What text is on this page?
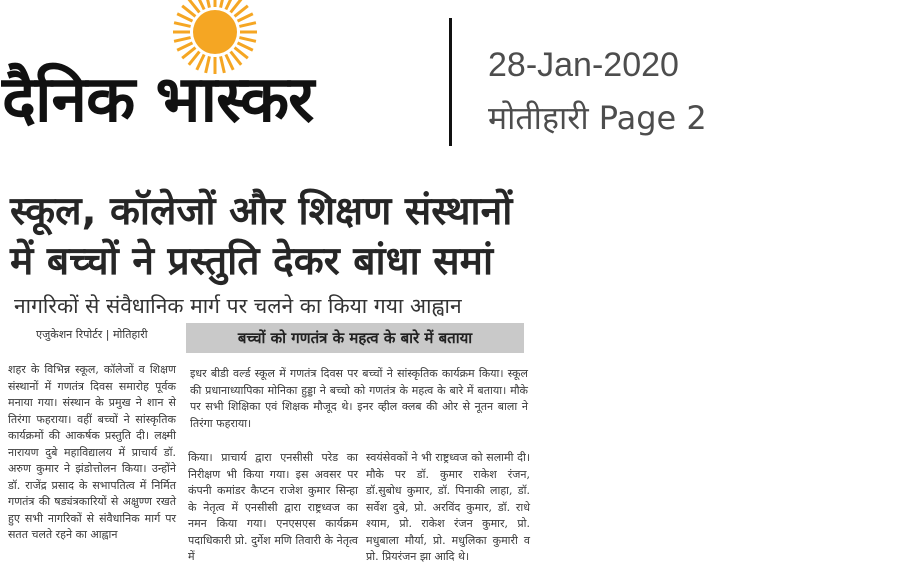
दैनिक भास्कर	28-Jan-2020
मोतीहारी Page 2
स्कूल, कॉलेजों और शिक्षण संस्थानों
में बच्चों ने प्रस्तुति देकर बांधा समां
नागरिकों से संवैधानिक मार्ग पर चलने का किया गया आह्वान
एजुकेशन रिपोर्टर | मोतिहारी	बच्चों को गणतंत्र के महत्व के बारे में बताया
शहर के विभिन्न स्कूल, कॉलेजों व शिक्षण संस्थानों में गणतंत्र दिवस समारोह पूर्वक मनाया गया। संस्थान के प्रमुख ने शान से तिरंगा फहराया। वहीं बच्चों ने सांस्कृतिक कार्यक्रमों की आकर्षक प्रस्तुति दी। लक्ष्मी नारायण दुबे महाविद्यालय में प्राचार्य डॉ. अरुण कुमार ने झंडोत्तोलन किया। उन्होंने डॉ. राजेंद्र प्रसाद के सभापतित्व में निर्मित गणतंत्र की षड्यंत्रकारियों से अक्षुण्ण रखते हुए सभी नागरिकों से संवैधानिक मार्ग पर सतत चलते रहने का आह्वान
इधर बीडी वर्ल्ड स्कूल में गणतंत्र दिवस पर बच्चों ने सांस्कृतिक कार्यक्रम किया। स्कूल की प्रधानाध्यापिका मोनिका हुड्डा ने बच्चो को गणतंत्र के महत्व के बारे में बताया। मौके पर सभी शिक्षिका एवं शिक्षक मौजूद थे। इनर व्हील क्लब की ओर से नूतन बाला ने तिरंगा फहराया।
किया। प्राचार्य द्वारा एनसीसी परेड का निरीक्षण भी किया गया। इस अवसर पर कंपनी कमांडर कैप्टन राजेश कुमार सिन्हा के नेतृत्व में एनसीसी द्वारा राष्ट्रध्वज का नमन किया गया। एनएसएस कार्यक्रम पदाधिकारी प्रो. दुर्गेश मणि तिवारी के नेतृत्व में
स्वयंसेवकों ने भी राष्ट्रध्वज को सलामी दी। मौके पर डॉ. कुमार राकेश रंजन, डॉ.सुबोध कुमार, डॉ. पिनाकी लाहा, डॉ. सर्वेश दुबे, प्रो. अरविंद कुमार, डॉ. राधे श्याम, प्रो. राकेश रंजन कुमार, प्रो. मधुबाला मौर्या, प्रो. मधुलिका कुमारी व प्रो. प्रियरंजन झा आदि थे।
